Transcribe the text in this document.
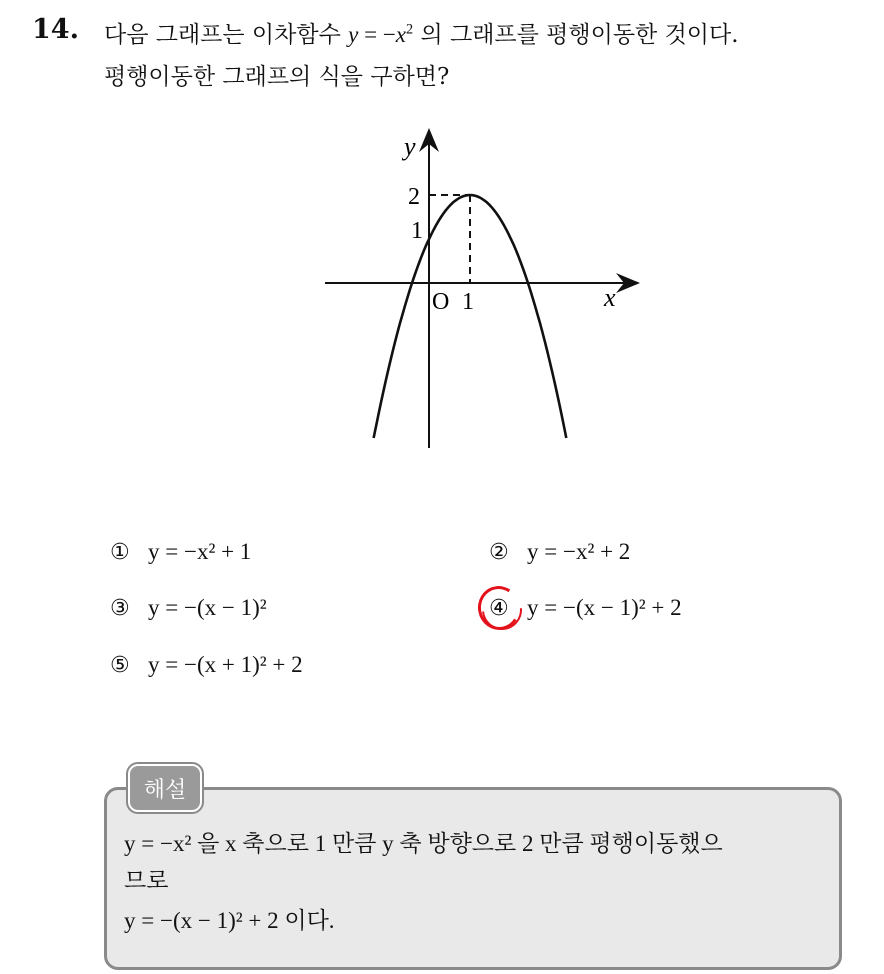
14. 다음 그래프는 이차함수 $y = -x^2$ 의 그래프를 평행이동한 것이다.
평행이동한 그래프의 식을 구하면?
y
x
O 1
2
1
① y = −x² + 1	② y = −x² + 2
③ y = −(x − 1)²	④ y = −(x − 1)² + 2
⑤ y = −(x + 1)² + 2
해설
y = −x² 을 x 축으로 1 만큼 y 축 방향으로 2 만큼 평행이동했으
므로
y = −(x − 1)² + 2 이다.
